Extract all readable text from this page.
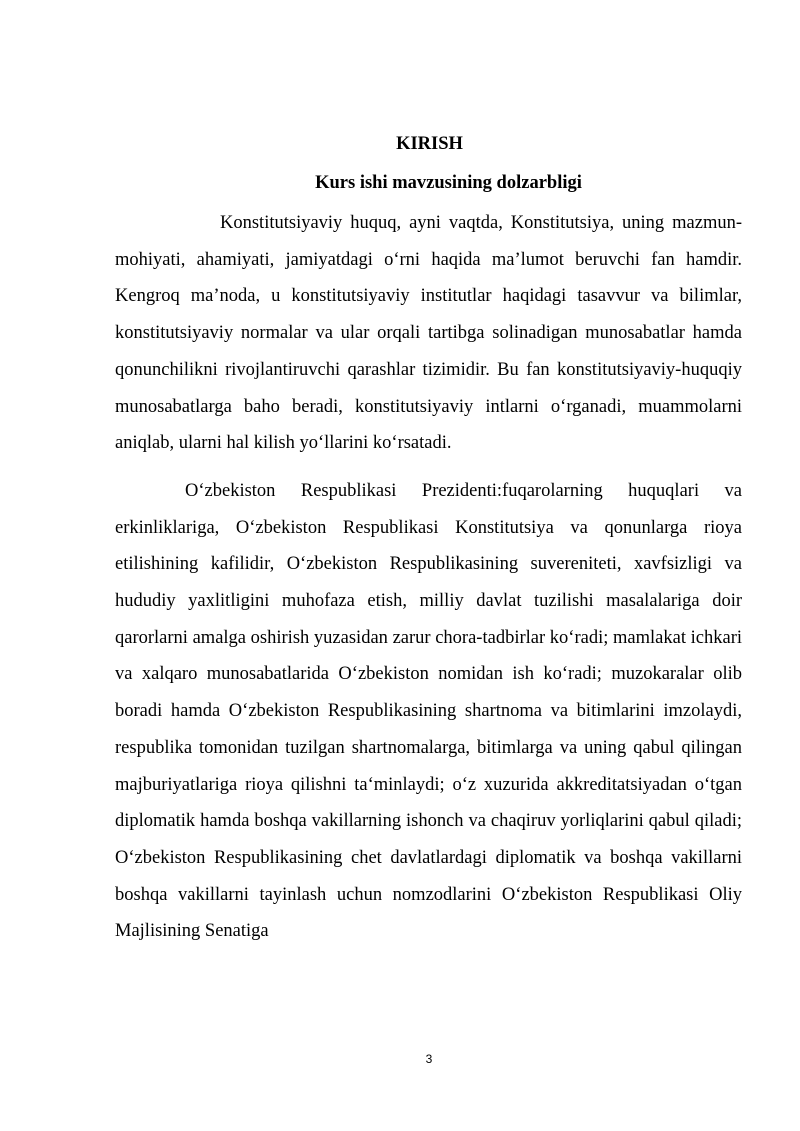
KIRISH
Kurs ishi mavzusining dolzarbligi

Konstitutsiyaviy huquq, ayni vaqtda, Konstitutsiya, uning mazmun-mohiyati, ahamiyati, jamiyatdagi o‘rni haqida ma’lumot beruvchi fan hamdir. Kengroq ma’noda, u konstitutsiyaviy institutlar haqidagi tasavvur va bilimlar, konstitutsiyaviy normalar va ular orqali tartibga solinadigan munosabatlar hamda qonunchilikni rivojlantiruvchi qarashlar tizimidir. Bu fan konstitutsiyaviy-huquqiy munosabatlarga baho beradi, konstitutsiyaviy intlarni o‘rganadi, muammolarni aniqlab, ularni hal kilish yo‘llarini ko‘rsatadi.

O‘zbekiston Respublikasi Prezidenti:fuqarolarning huquqlari va erkinliklariga, O‘zbekiston Respublikasi Konstitutsiya va qonunlarga rioya etilishining kafilidir, O‘zbekiston Respublikasining suvereniteti, xavfsizligi va hududiy yaxlitligini muhofaza etish, milliy davlat tuzilishi masalalariga doir qarorlarni amalga oshirish yuzasidan zarur chora-tadbirlar ko‘radi; mamlakat ichkari va xalqaro munosabatlarida O‘zbekiston nomidan ish ko‘radi; muzokaralar olib boradi hamda O‘zbekiston Respublikasining shartnoma va bitimlarini imzolaydi, respublika tomonidan tuzilgan shartnomalarga, bitimlarga va uning qabul qilingan majburiyatlariga rioya qilishni ta‘minlaydi; o‘z xuzurida akkreditatsiyadan o‘tgan diplomatik hamda boshqa vakillarning ishonch va chaqiruv yorliqlarini qabul qiladi; O‘zbekiston Respublikasining chet davlatlardagi diplomatik va boshqa vakillarni boshqa vakillarni tayinlash uchun nomzodlarini O‘zbekiston Respublikasi Oliy Majlisining Senatiga

3
